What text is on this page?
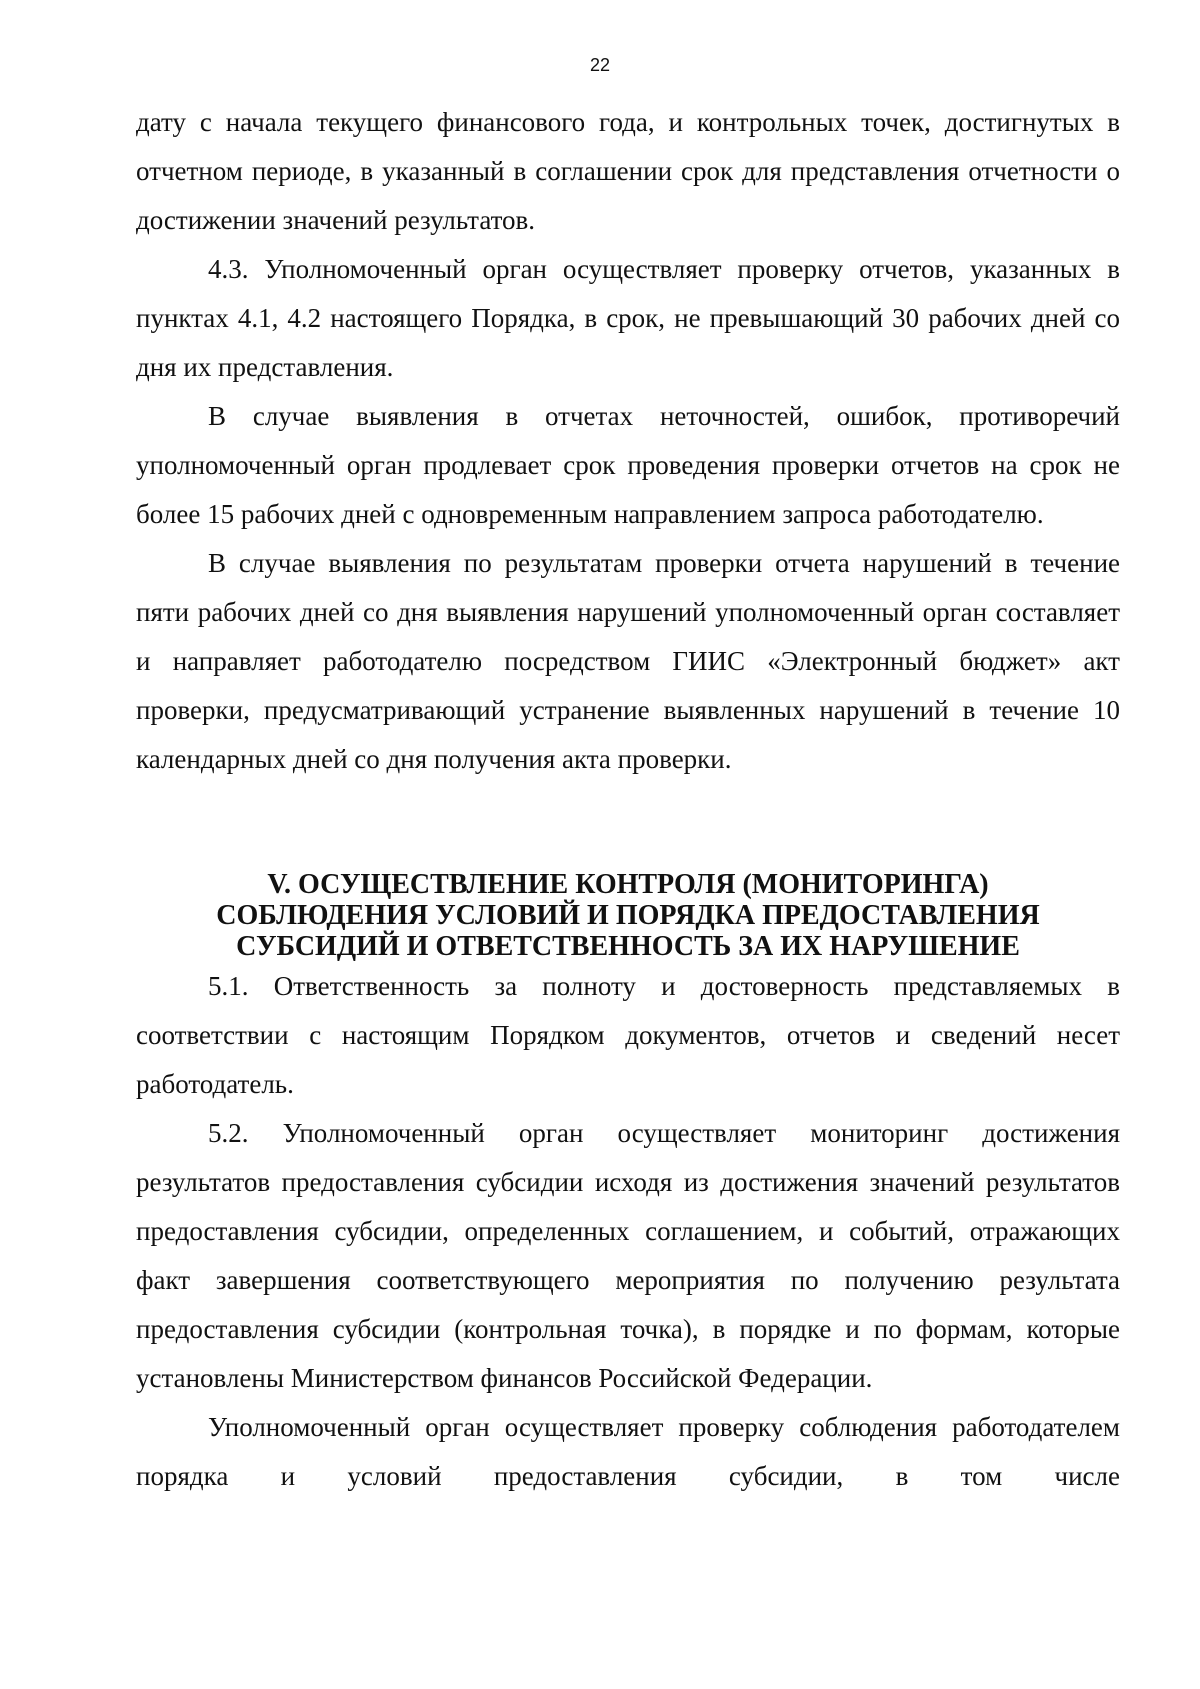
22

дату с начала текущего финансового года, и контрольных точек, достигнутых в отчетном периоде, в указанный в соглашении срок для представления отчетности о достижении значений результатов.

4.3. Уполномоченный орган осуществляет проверку отчетов, указанных в пунктах 4.1, 4.2 настоящего Порядка, в срок, не превышающий 30 рабочих дней со дня их представления.

В случае выявления в отчетах неточностей, ошибок, противоречий уполномоченный орган продлевает срок проведения проверки отчетов на срок не более 15 рабочих дней с одновременным направлением запроса работодателю.

В случае выявления по результатам проверки отчета нарушений в течение пяти рабочих дней со дня выявления нарушений уполномоченный орган составляет и направляет работодателю посредством ГИИС «Электронный бюджет» акт проверки, предусматривающий устранение выявленных нарушений в течение 10 календарных дней со дня получения акта проверки.

V. ОСУЩЕСТВЛЕНИЕ КОНТРОЛЯ (МОНИТОРИНГА)
СОБЛЮДЕНИЯ УСЛОВИЙ И ПОРЯДКА ПРЕДОСТАВЛЕНИЯ
СУБСИДИЙ И ОТВЕТСТВЕННОСТЬ ЗА ИХ НАРУШЕНИЕ

5.1. Ответственность за полноту и достоверность представляемых в соответствии с настоящим Порядком документов, отчетов и сведений несет работодатель.

5.2. Уполномоченный орган осуществляет мониторинг достижения результатов предоставления субсидии исходя из достижения значений результатов предоставления субсидии, определенных соглашением, и событий, отражающих факт завершения соответствующего мероприятия по получению результата предоставления субсидии (контрольная точка), в порядке и по формам, которые установлены Министерством финансов Российской Федерации.

Уполномоченный орган осуществляет проверку соблюдения работодателем порядка и условий предоставления субсидии, в том числе
